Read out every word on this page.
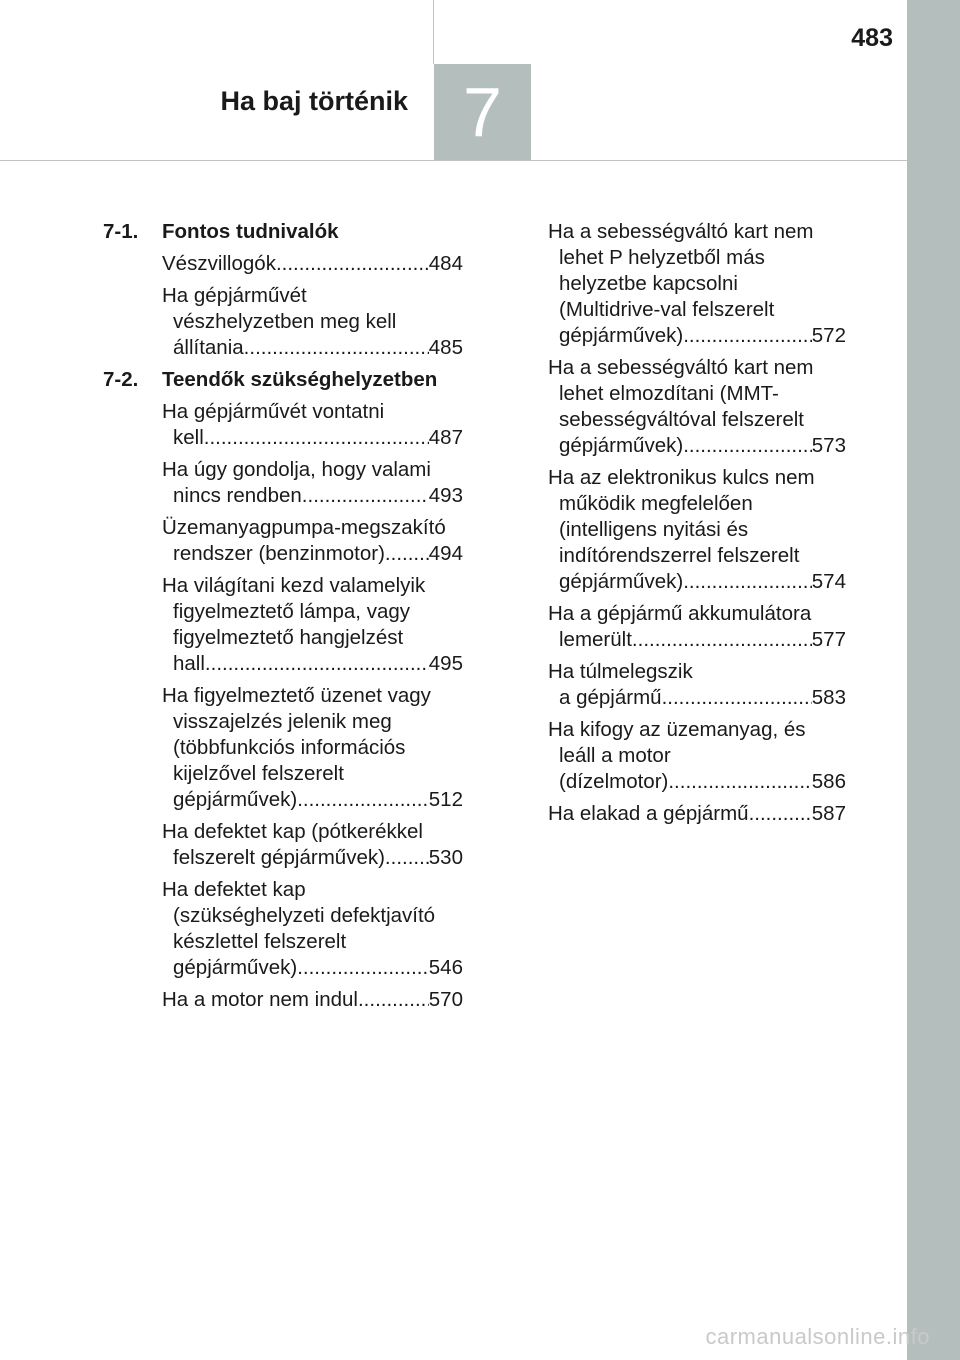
7
Ha baj történik
483
7-1.	Fontos tudnivalók
Vészvillogók .....	484
Ha gépjárművét
vészhelyzetben meg kell
állítania .....	485
7-2.	Teendők szükséghelyzetben
Ha gépjárművét vontatni
kell .....	487
Ha úgy gondolja, hogy valami
nincs rendben .....	493
Üzemanyagpumpa-megszakító
rendszer (benzinmotor) ..... 494
Ha világítani kezd valamelyik
figyelmeztető lámpa, vagy
figyelmeztető hangjelzést
hall .....	495
Ha figyelmeztető üzenet vagy
visszajelzés jelenik meg
(többfunkciós információs
kijelzővel felszerelt
gépjárművek) .....	512
Ha defektet kap (pótkerékkel
felszerelt gépjárművek) ..... 530
Ha defektet kap
(szükséghelyzeti defektjavító
készlettel felszerelt
gépjárművek) .....	546
Ha a motor nem indul .....	570
Ha a sebességváltó kart nem
lehet P helyzetből más
helyzetbe kapcsolni
(Multidrive-val felszerelt
gépjárművek) .....	572
Ha a sebességváltó kart nem
lehet elmozdítani (MMT-
sebességváltóval felszerelt
gépjárművek) .....	573
Ha az elektronikus kulcs nem
működik megfelelően
(intelligens nyitási és
indítórendszerrel felszerelt
gépjárművek) .....	574
Ha a gépjármű akkumulátora
lemerült .....	577
Ha túlmelegszik
a gépjármű .....	583
Ha kifogy az üzemanyag, és
leáll a motor
(dízelmotor) .....	586
Ha elakad a gépjármű .....	587
carmanualsonline.info
